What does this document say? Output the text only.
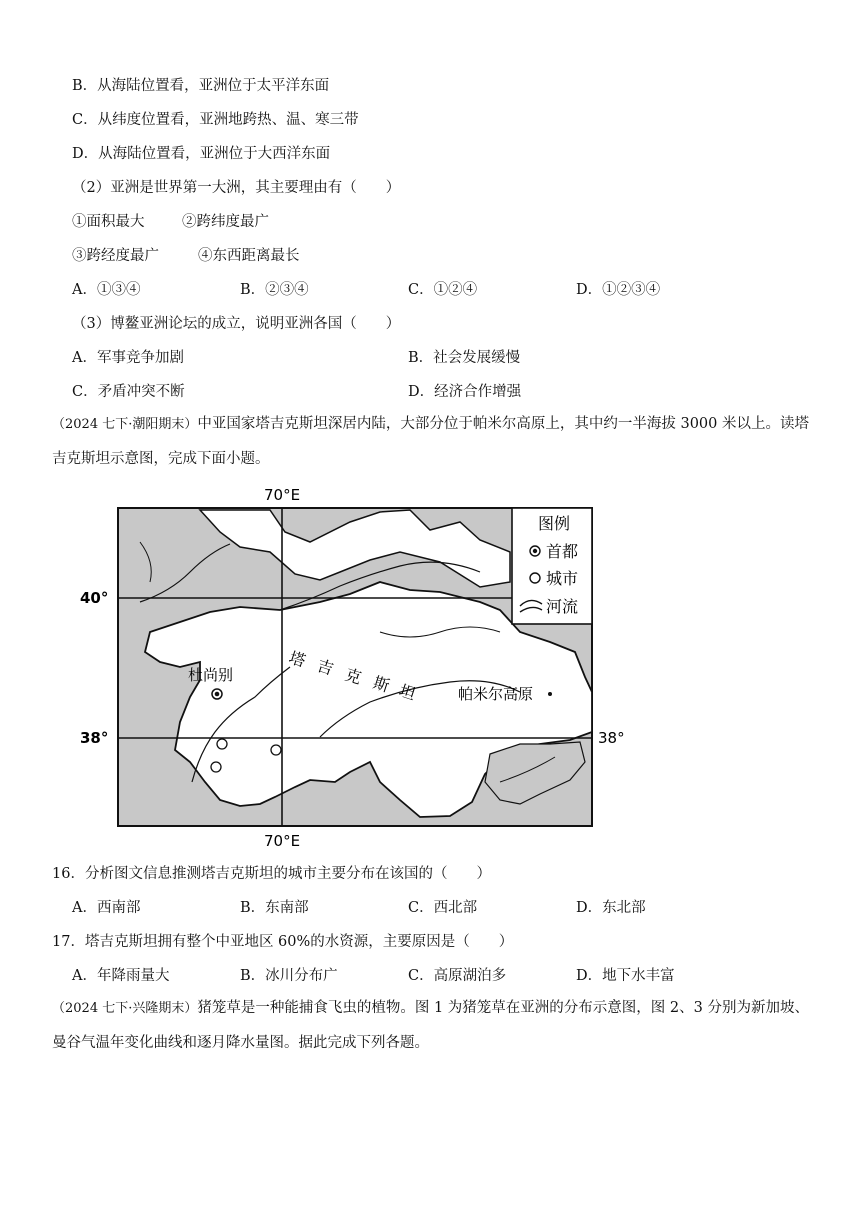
B．从海陆位置看，亚洲位于太平洋东面
C．从纬度位置看，亚洲地跨热、温、寒三带
D．从海陆位置看，亚洲位于大西洋东面
（2）亚洲是世界第一大洲，其主要理由有（　　）
①面积最大	②跨纬度最广
③跨经度最广	④东西距离最长
A．①③④	B．②③④	C．①②④	D．①②③④
（3）博鳌亚洲论坛的成立，说明亚洲各国（　　）
A．军事竞争加剧	B．社会发展缓慢
C．矛盾冲突不断	D．经济合作增强
（2024 七下·潮阳期末）中亚国家塔吉克斯坦深居内陆，大部分位于帕米尔高原上，其中约一半海拔 3000 米以上。读塔吉克斯坦示意图，完成下面小题。
图例
首都
城市
河流
70°E
70°E
40°
38°	38°
杜尚别
塔 吉 克 斯 坦	帕米尔高原
16．分析图文信息推测塔吉克斯坦的城市主要分布在该国的（　　）
A．西南部	B．东南部	C．西北部	D．东北部
17．塔吉克斯坦拥有整个中亚地区 60%的水资源，主要原因是（　　）
A．年降雨量大	B．冰川分布广	C．高原湖泊多	D．地下水丰富
（2024 七下·兴隆期末）猪笼草是一种能捕食飞虫的植物。图 1 为猪笼草在亚洲的分布示意图，图 2、3 分别为新加坡、曼谷气温年变化曲线和逐月降水量图。据此完成下列各题。
